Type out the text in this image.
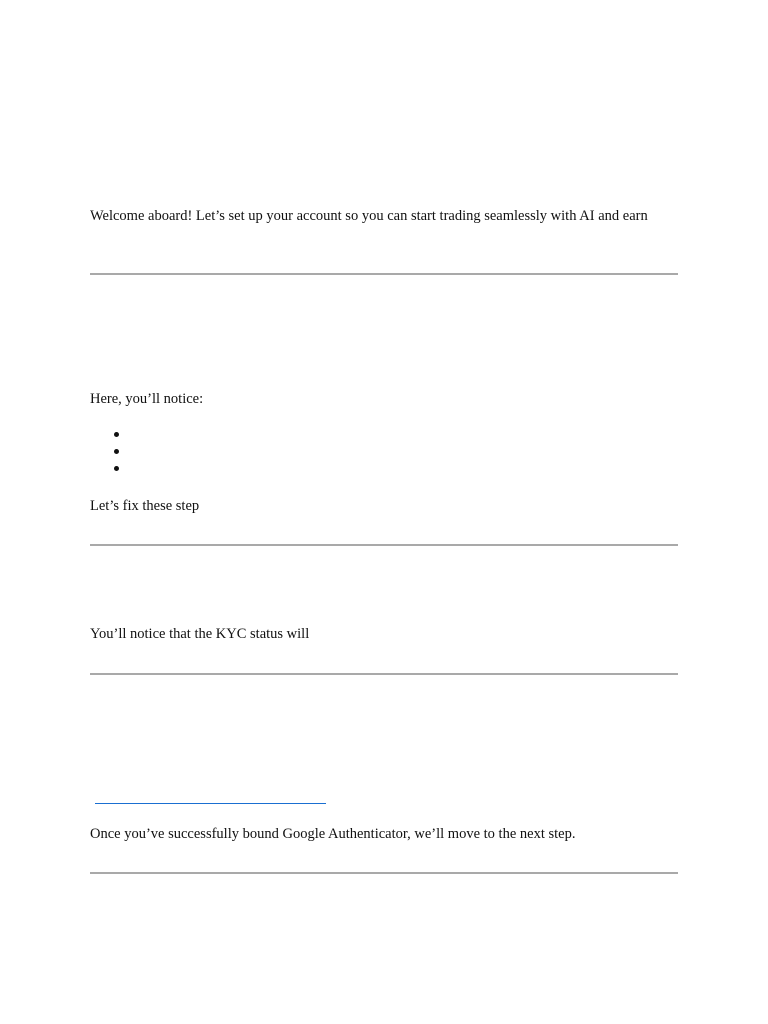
Welcome aboard! Let’s set up your account so you can start trading seamlessly with AI and earn

Here, you’ll notice:

Let’s fix these step

You’ll notice that the KYC status will

Once you’ve successfully bound Google Authenticator, we’ll move to the next step.
